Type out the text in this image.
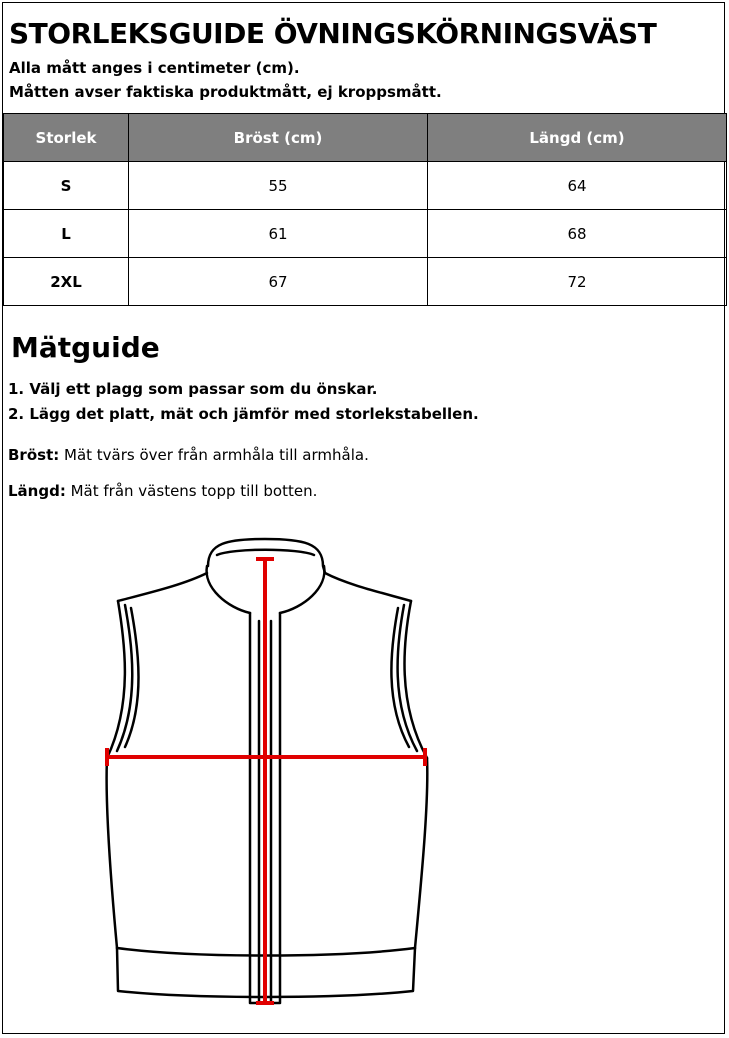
STORLEKSGUIDE ÖVNINGSKÖRNINGSVÄST
Alla mått anges i centimeter (cm).
Måtten avser faktiska produktmått, ej kroppsmått.
Storlek	Bröst (cm)	Längd (cm)
S	55	64
L	61	68
2XL	67	72
Mätguide
1. Välj ett plagg som passar som du önskar.
2. Lägg det platt, mät och jämför med storlekstabellen.
Bröst: Mät tvärs över från armhåla till armhåla.
Längd: Mät från västens topp till botten.
